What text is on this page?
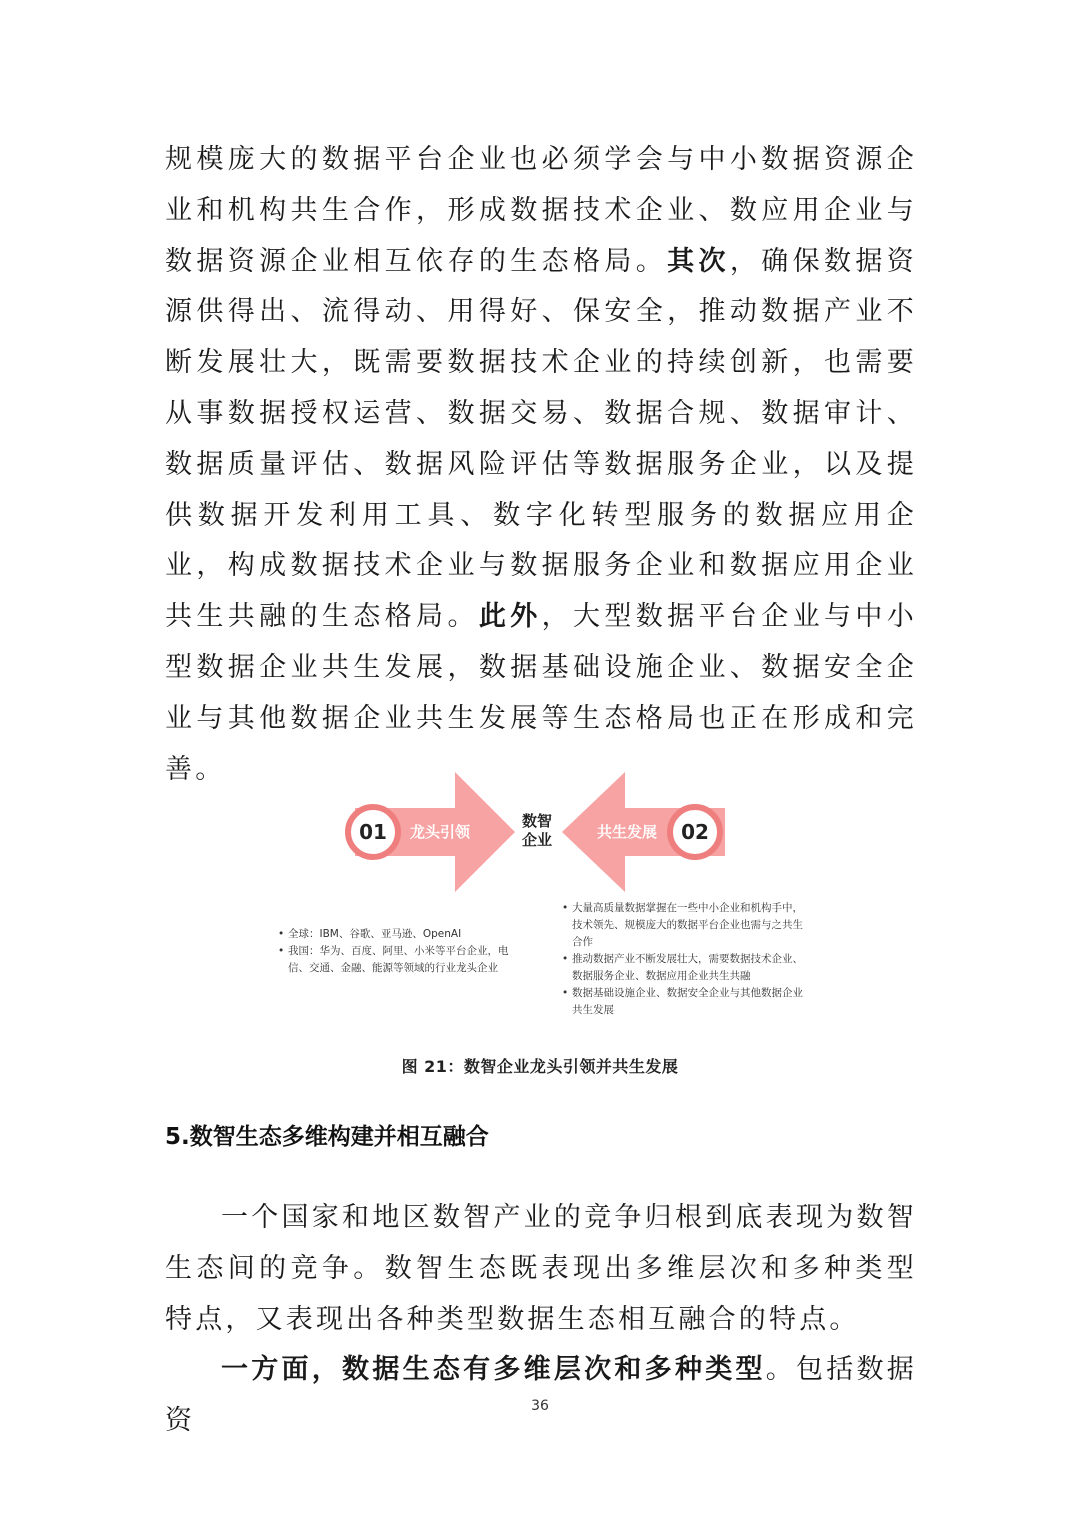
规模庞大的数据平台企业也必须学会与中小数据资源企业和机构共生合作，形成数据技术企业、数应用企业与数据资源企业相互依存的生态格局。其次，确保数据资源供得出、流得动、用得好、保安全，推动数据产业不断发展壮大，既需要数据技术企业的持续创新，也需要从事数据授权运营、数据交易、数据合规、数据审计、数据质量评估、数据风险评估等数据服务企业，以及提供数据开发利用工具、数字化转型服务的数据应用企业，构成数据技术企业与数据服务企业和数据应用企业共生共融的生态格局。此外，大型数据平台企业与中小型数据企业共生发展，数据基础设施企业、数据安全企业与其他数据企业共生发展等生态格局也正在形成和完善。

01	龙头引领
数智
企业	共生发展	02
• 全球：IBM、谷歌、亚马逊、OpenAI
• 我国：华为、百度、阿里、小米等平台企业，电信、交通、金融、能源等领域的行业龙头企业
• 大量高质量数据掌握在一些中小企业和机构手中，技术领先、规模庞大的数据平台企业也需与之共生合作
• 推动数据产业不断发展壮大，需要数据技术企业、数据服务企业、数据应用企业共生共融
• 数据基础设施企业、数据安全企业与其他数据企业共生发展
图 21：数智企业龙头引领并共生发展
5.数智生态多维构建并相互融合

一个国家和地区数智产业的竞争归根到底表现为数智生态间的竞争。数智生态既表现出多维层次和多种类型特点，又表现出各种类型数据生态相互融合的特点。

一方面，数据生态有多维层次和多种类型。包括数据资	36
